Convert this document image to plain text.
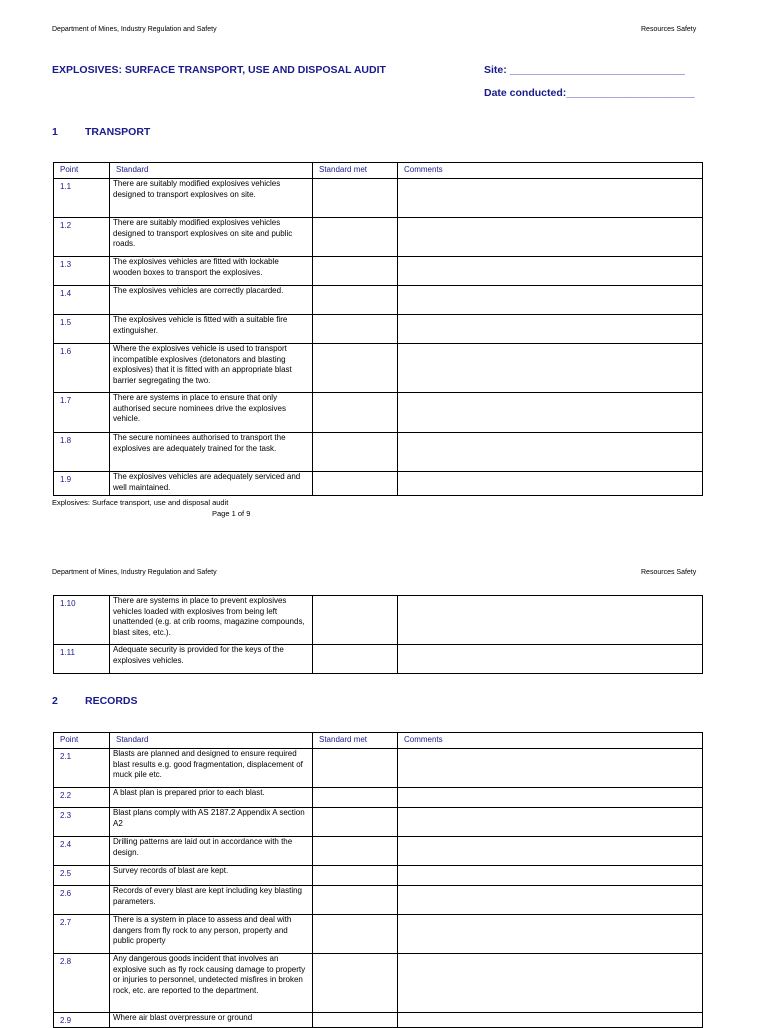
Department of Mines, Industry Regulation and Safety	Resources Safety
EXPLOSIVES: SURFACE TRANSPORT, USE AND DISPOSAL AUDIT	Site: ______________________________
Date conducted:______________________
1	TRANSPORT
Point	Standard	Standard met	Comments
1.1	There are suitably modified explosives vehicles designed to transport explosives on site.		
1.2	There are suitably modified explosives vehicles designed to transport explosives on site and public roads.		
1.3	The explosives vehicles are fitted with lockable wooden boxes to transport the explosives.		
1.4	The explosives vehicles are correctly placarded.		
1.5	The explosives vehicle is fitted with a suitable fire extinguisher.		
1.6	Where the explosives vehicle is used to transport incompatible explosives (detonators and blasting explosives) that it is fitted with an appropriate blast barrier segregating the two.		
1.7	There are systems in place to ensure that only authorised secure nominees drive the explosives vehicle.		
1.8	The secure nominees authorised to transport the explosives are adequately trained for the task.		
1.9	The explosives vehicles are adequately serviced and well maintained.		
Explosives: Surface transport, use and disposal audit
Page 1 of 9
Department of Mines, Industry Regulation and Safety	Resources Safety
1.10	There are systems in place to prevent explosives vehicles loaded with explosives from being left unattended (e.g. at crib rooms, magazine compounds, blast sites, etc.).		
1.11	Adequate security is provided for the keys of the explosives vehicles.		
2	RECORDS
Point	Standard	Standard met	Comments
2.1	Blasts are planned and designed to ensure required blast results e.g. good fragmentation, displacement of muck pile etc.		
2.2	A blast plan is prepared prior to each blast.		
2.3	Blast plans comply with AS 2187.2 Appendix A section A2		
2.4	Drilling patterns are laid out in accordance with the design.		
2.5	Survey records of blast are kept.		
2.6	Records of every blast are kept including key blasting parameters.		
2.7	There is a system in place to assess and deal with dangers from fly rock to any person, property and public property		
2.8	Any dangerous goods incident that involves an explosive such as fly rock causing damage to property or injuries to personnel, undetected misfires in broken rock, etc. are reported to the department.		
2.9	Where air blast overpressure or ground		
